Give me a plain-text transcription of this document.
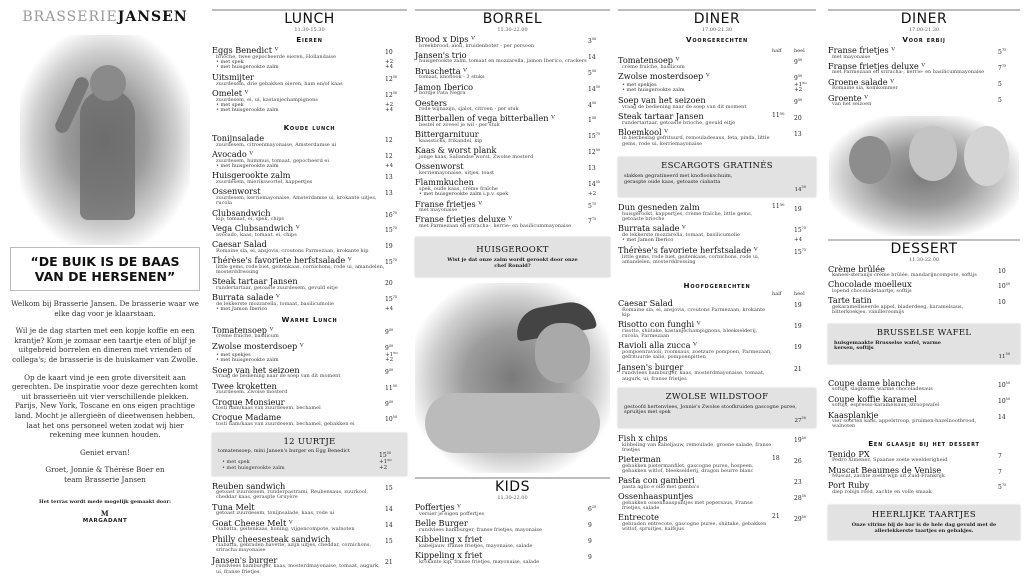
BRASSERIEJANSEN
“DE BUIK IS DE BAAS VAN DE HERSENEN”

Welkom bij Brasserie Jansen. De brasserie waar we elke dag voor je klaarstaan.

Wil je de dag starten met een kopje koffie en een krantje? Kom je zomaar een taartje eten of blijf je uitgebreid borrelen en dineren met vrienden of collega's; de brasserie is de huiskamer van Zwolle.

Op de kaart vind je een grote diversiteit aan gerechten. De inspiratie voor deze gerechten komt uit brasserieën uit vier verschillende plekken. Parijs, New York, Toscane en ons eigen prachtige land. Mocht je allergieën of dieetwensen hebben, laat het ons personeel weten zodat wij hier rekening mee kunnen houden.

Geniet ervan!

Groet, Jonnie & Thérèse Boer en team Brasserie Jansen

Het terras wordt mede mogelijk gemaakt door:
M
MARGADANT
LUNCH
11.30-15.30
Eieren
Eggs Benedict ⱽ
brioche, twee gepocheerde eieren, Hollandaise
10
• met spek	+2
• met huisgerookte zalm	+4
Uitsmijter
zuurdesem, drie gebakken eieren, ham en/of kaas
$12^{50}$
Omelet ⱽ
zuurdesem, ei, ui, kastanjechampignons
$12^{50}$
• met spek	+2
• met huisgerookte zalm	+4
Koude lunch
Tonijnsalade
zuurdesem, citroenmayonaise, Amsterdamse ui
12
Avocado ⱽ
zuurdesem, hummus, tomaat, gepocheerd ei
12
• met huisgerookte zalm	+4
Huisgerookte zalm
zuurdesem, mierikswortel, kappertjes
13
Ossenworst
zuurdesem, kerriemayonaise, Amsterdamse ui, krokante uitjes, rucola
13
Clubsandwich
kip, tomaat, ei, spek, chips
$16^{75}$
Vega Clubsandwich ⱽ
avocado, kaas, tomaat, ei, chips
$15^{75}$
Caesar Salad
Romaine sla, ei, ansjovis, croutons Parmezaan, krokante kip
19
Thérèse's favoriete herfstsalade ⱽ
little gems, rode biet, geitenkaas, cornichons, rode ui, amandelen, mosterddressing
$15^{75}$
Steak tartaar Jansen
rundertartaar, getoaste zuurdesem, gevuld eitje
20
Burrata salade ⱽ
de lekkerste mozzarella, tomaat, basilicumolie
$15^{75}$
• met Jamon Iberico	+4
Warme Lunch
Tomatensoep ⱽ
crème fraîche, basilicum
$9^{50}$
Zwolse mosterdsoep ⱽ	$9^{50}$
• met spekjes	+1⁵⁰
• met huisgerookte zalm	+2
Soep van het seizoen
vraag de bediening naar de soep van dit moment
$9^{50}$
Twee kroketten
zuurdesem, Zwolse mosterd
$11^{50}$
Croque Monsieur
tosti ham/kaas van zuurdesem, bechamel
$9^{50}$
Croque Madame
tosti ham/kaas van zuurdesem, bechamel, gebakken ei
$10^{50}$
12 UURTJE
tomatensoep, mini Jansen's burger en Egg Benedict
$15^{50}$
• met spek	+1⁵⁰
• met huisgerookte zalm	+2
Reuben sandwich
getoast zuurdesem, runderpastrami, Reubensaus, zuurkool, cheddar kaas, geraspte Gruyère
15
Tuna Melt
getoast zuurdesem, tonijnsalade, kaas, rode ui
14
Goat Cheese Melt ⱽ
ciabatta, geitenkaas, honing, vijgencompote, walnoten
14
Philly cheesesteak sandwich
ciabatta, gebraden bavette, azijn uitjes, cheddar, cornichons, sriracha mayonaise
15
Jansen's burger
rundvlees hamburger, kaas, mosterdmayonaise, tomaat, augurk, ui, franse frietjes
21
BORREL
11.30-22.00
Brood x Dips ⱽ
breekbrood, aïoli, kruidenboter - per persoon
$3^{50}$
Jansen's trio
huisgerookte zalm, tomaat en mozzarella, jamon Iberico, crackers
14
Bruschetta ⱽ
tomaat, knoflook - 3 stuks
$5^{50}$
Jamon Iberico
bordje Pata Negra
$14^{50}$
Oesters
rode wijnazijn, sjalot, citroen - per stuk
$4^{50}$
Bitterballen of vega bitterballen ⱽ
bestel er zoveel je wil - per stuk
$1^{50}$
Bittergarnituur
kaassticks, frikandel, kip
$15^{75}$
Kaas & worst plank
jonge kaas, Sallandse worst, Zwolse mosterd
$12^{50}$
Ossenworst
kerriemayonaise, uitjes, toast
13
Flammkuchen
spek, oude kaas, crème fraîche
$14^{50}$
• met huisgerookte zalm i.p.v. spek	+2
Franse frietjes ⱽ
met mayonaise
$5^{75}$
Franse frietjes deluxe ⱽ
met Parmezaan en sriracha-, kerrie- en basilicummayonaise
$7^{75}$
HUISGEROOKT
Wist je dat onze zalm wordt gerookt door onze chef Ronald?
KIDS
11.30-22.00
Poffertjes ⱽ
versier je eigen poffertjes
$6^{25}$
Belle Burger
rundvlees hamburger, franse frietjes, mayonaise
9
Kibbeling x friet
kabeljauw, franse frietjes, mayonaise, salade
9
Kippeling x friet
krokante kip, franse frietjes, mayonaise, salade
9
DINER
17.00-21.30
Voorgerechten
half	heel
Tomatensoep ⱽ
crème fraîche, basilicum
$9^{50}$
Zwolse mosterdsoep ⱽ	$9^{50}$
• met spekjes	+1⁵⁰
• met huisgerookte zalm	+2
Soep van het seizoen
vraag de bediening naar de soep van dit moment
$9^{50}$
Steak tartaar Jansen
rundertartaar, getoaste brioche, gevuld eitje
11⁵⁰	20
Bloemkool ⱽ
in bierbeslag gefrituurd, remouladesaus, feta, pinda, little gems, rode ui, kerriemayonaise
13
ESCARGOTS GRATINÉS
slakken gegratineerd met knoflookschuim, geraspte oude kaas, getoaste ciabatta
$14^{50}$
Dun gesneden zalm
huisgerookt, kappertjes, crème fraîche, little gems, getoaste brioche
11⁵⁰	19
Burrata salade ⱽ
de lekkerste mozzarella, tomaat, basilicumolie
$15^{75}$
• met Jamon Iberico	+4
Thérèse's favoriete herfstsalade ⱽ
little gems, rode biet, geitenkaas, cornichons, rode ui, amandelen, mosterddressing
$15^{75}$
Hoofdgerechten
half	heel
Caesar Salad
Romaine sla, ei, ansjovis, croutons Parmezaan, krokante kip
19
Risotto con funghi ⱽ
risotto, shiitake, kastanjechampignons, bleekselderij, rucola, Parmezaan
19
Ravioli alla zucca ⱽ
pompoenravioli, roomsaus, zoetzure pompoen, Parmezaan, gefrituurde salie, pompoenpitten
19
Jansen's burger
rundvlees hamburger, kaas, mosterdmayonaise, tomaat, augurk, ui, franse frietjes
21
ZWOLSE WILDSTOOF
gestoofd hertenvlees, Jonnie's Zwolse stoofkruiden gascogne puree, spruitjes met spek
$27^{50}$
Fish x chips
kibbeling van kabeljauw, remoulade, groene salade, franse frietjes
$19^{50}$
Pieterman
gebakken pietermanfilet, gascogne puree, hospeen, gebakken witlof, bleekselderij, dragon beurre blanc
18	26
Pasta con gamberi
pasta aglio e olio met gamba's
23
Ossenhaaspuntjes
gebakken ossenhaaspuntjes met pepersaus, Franse frietjes, salade
$28^{50}$
Entrecote
gebraden entrecote, gascogne puree, shiitake, gebakken witlof, spruitjes, kalfsjus
21	$29^{50}$
DINER
17.00-21.30
Voor erbij
Franse frietjes ⱽ
met mayonaise
$5^{75}$
Franse frietjes deluxe ⱽ
met Parmezaan en sriracha-, kerrie- en basilicummayonaise
$7^{75}$
Groene salade ⱽ
Romaine sla, komkommer
5
Groente ⱽ
van het seizoen
5
DESSERT
11.30-22.00
Crème brûlée
kaneel-steranijs crème brûlée, mandarijncompote, softijs
10
Chocolade moelleux
lopend chocoladetaartje, softijs
$10^{50}$
Tarte tatin
gekaramelliseerde appel, bladerdeeg, karamelsaus, bitterkoekjes, vanilleroomijs
10
BRUSSELSE WAFEL
huisgemaakte Brusselse wafel, warme kersen, softijs
$11^{50}$
Coupe dame blanche
softijs, slagroom, warme chocoladesaus
$10^{50}$
Coupe koffie karamel
softijs, espresso-karamelsaus, stroopwafel
$10^{50}$
Kaasplankje
vier soorten kaas, appelstroop, pruimen-hazelnootbrood, walnoten
14
Een glaasje bij het dessert
Tenido PX
Pedro Ximenez, Spaanse zoete weelderigheid
7
Muscat Beaumes de Venise
Muscat, zachte zoete wijn uit Zuid-Frankrijk
7
Port Ruby
diep robijn rood, zachte en volle smaak
$5^{75}$
HEERLIJKE TAARTJES
Onze vitrine bij de bar is de hele dag gevuld met de allerlekkerste taartjes en gebakjes.
